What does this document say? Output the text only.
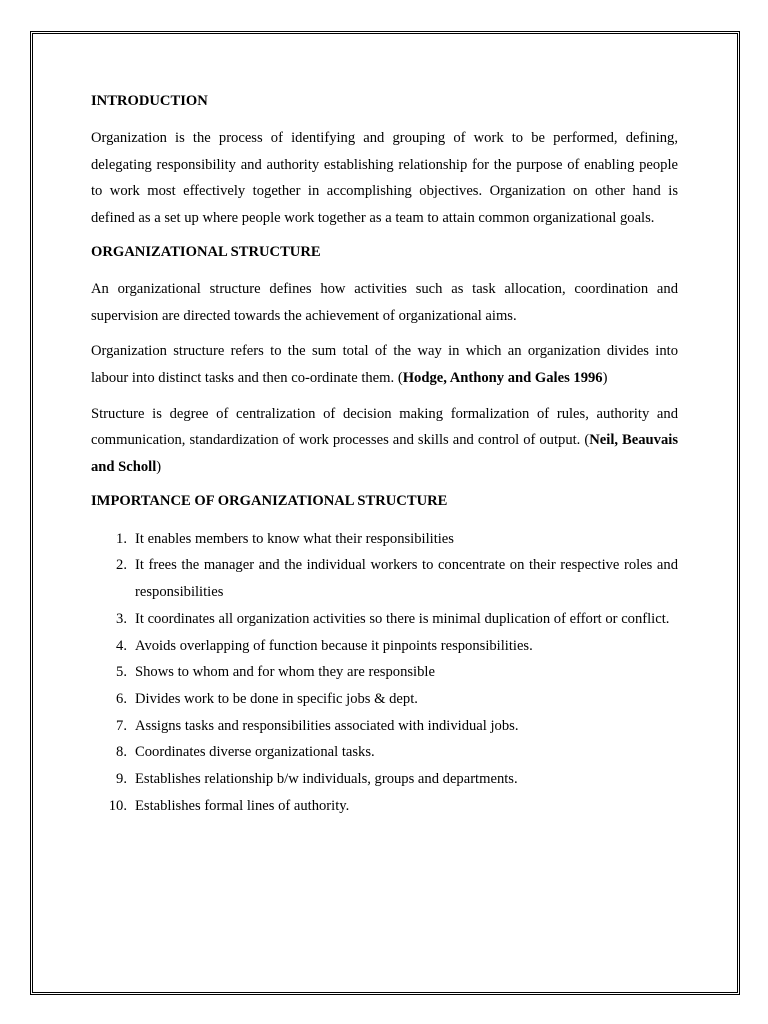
INTRODUCTION

Organization is the process of identifying and grouping of work to be performed, defining, delegating responsibility and authority establishing relationship for the purpose of enabling people to work most effectively together in accomplishing objectives. Organization on other hand is defined as a set up where people work together as a team to attain common organizational goals.

ORGANIZATIONAL STRUCTURE

An organizational structure defines how activities such as task allocation, coordination and supervision are directed towards the achievement of organizational aims.

Organization structure refers to the sum total of the way in which an organization divides into labour into distinct tasks and then co-ordinate them. (Hodge, Anthony and Gales 1996)

Structure is degree of centralization of decision making formalization of rules, authority and communication, standardization of work processes and skills and control of output. (Neil, Beauvais and Scholl)

IMPORTANCE OF ORGANIZATIONAL STRUCTURE
1. It enables members to know what their responsibilities
2. It frees the manager and the individual workers to concentrate on their respective roles and responsibilities
3. It coordinates all organization activities so there is minimal duplication of effort or conflict.
4. Avoids overlapping of function because it pinpoints responsibilities.
5. Shows to whom and for whom they are responsible
6. Divides work to be done in specific jobs & dept.
7. Assigns tasks and responsibilities associated with individual jobs.
8. Coordinates diverse organizational tasks.
9. Establishes relationship b/w individuals, groups and departments.
10. Establishes formal lines of authority.
